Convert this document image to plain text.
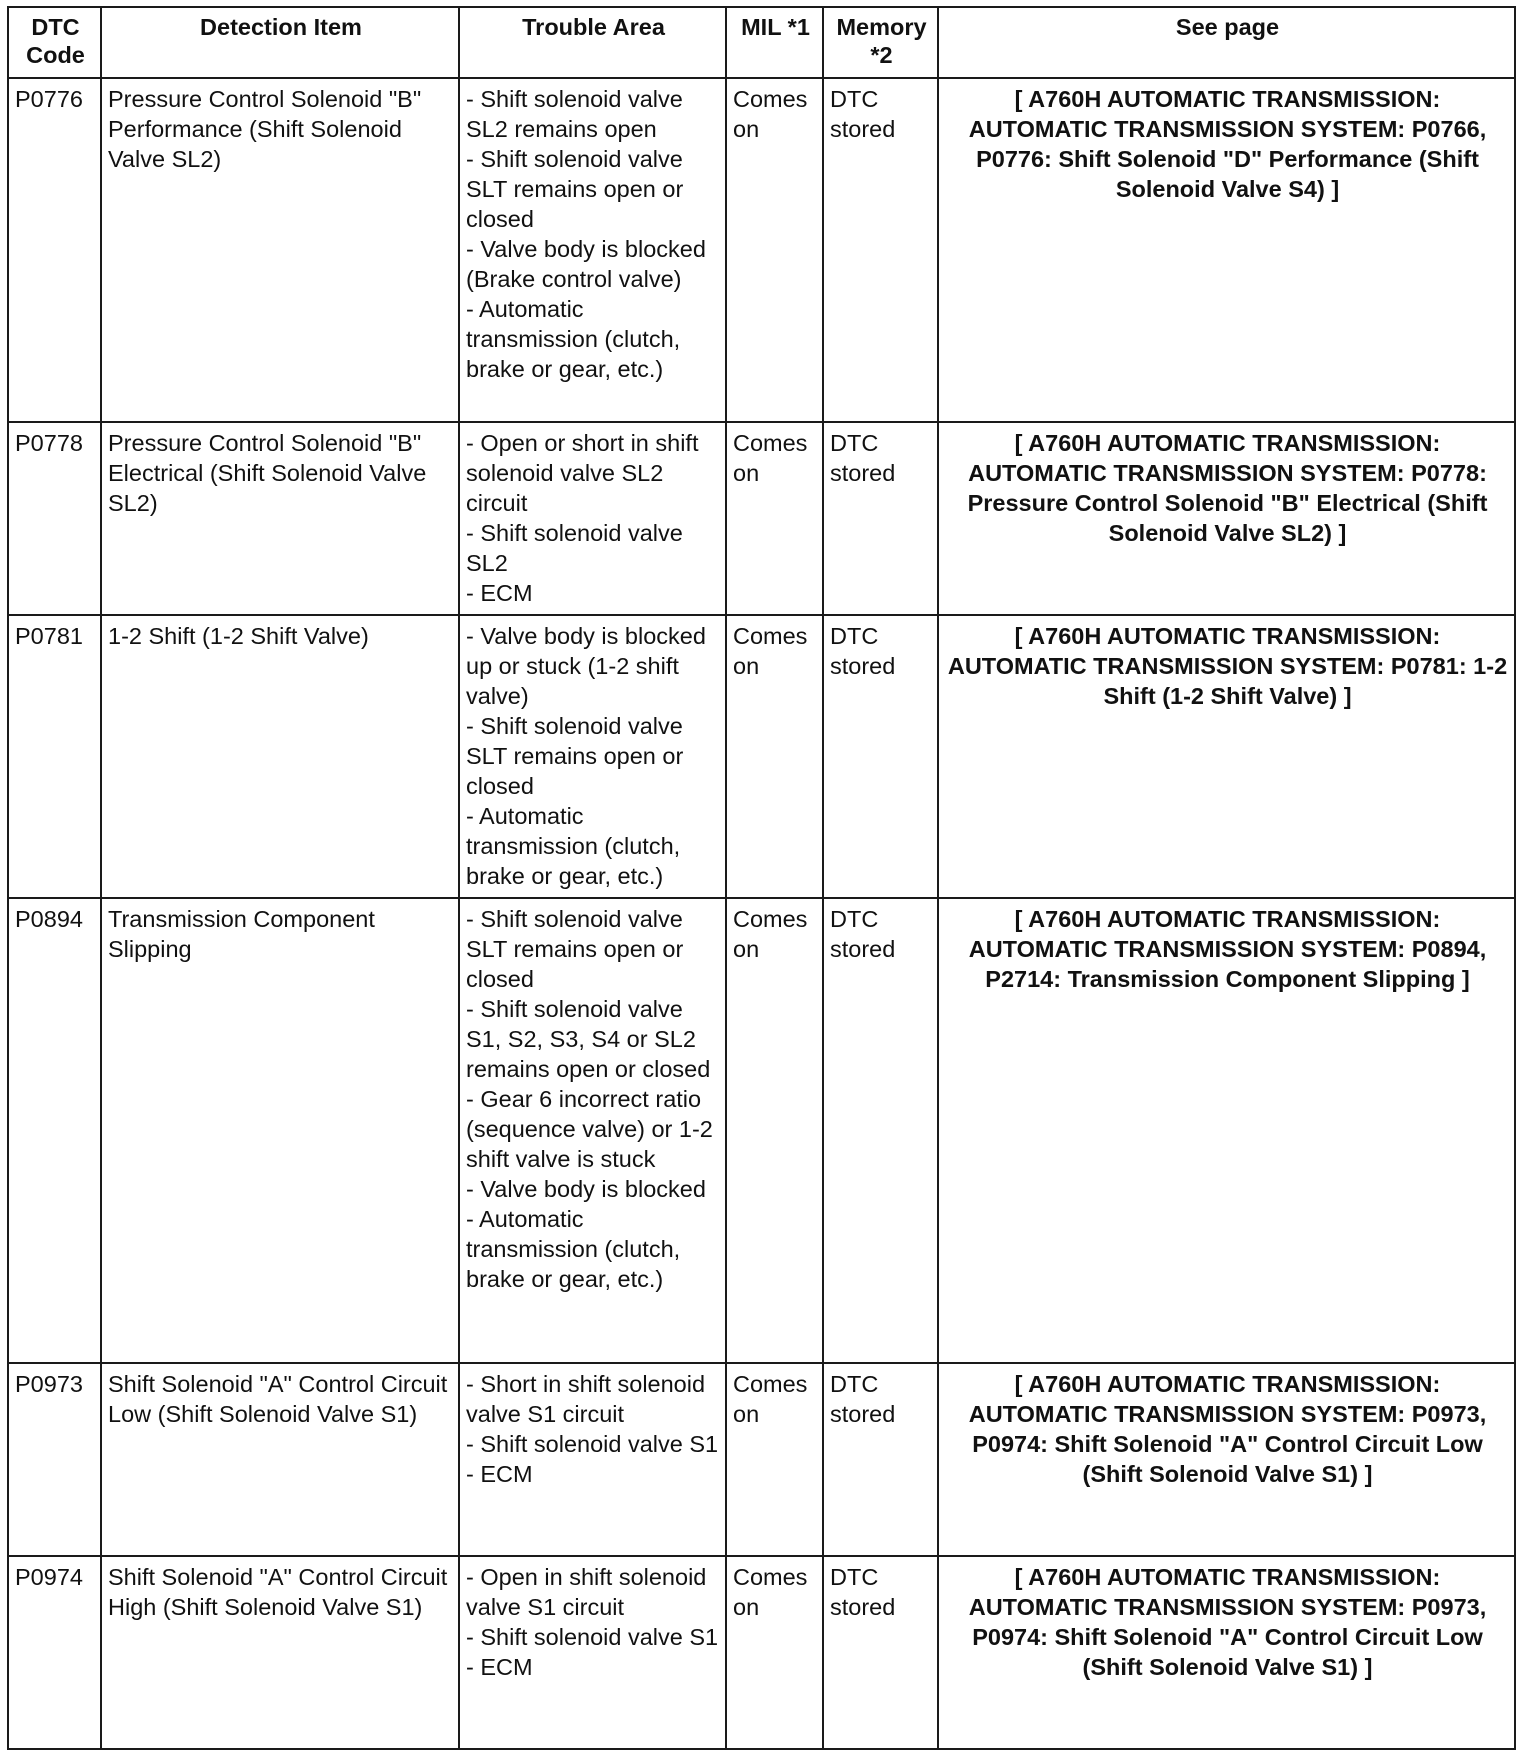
DTC Code	Detection Item	Trouble Area	MIL *1	Memory *2	See page
P0776	Pressure Control Solenoid "B" Performance (Shift Solenoid Valve SL2)	- Shift solenoid valve SL2 remains open
- Shift solenoid valve SLT remains open or closed
- Valve body is blocked (Brake control valve)
- Automatic transmission (clutch, brake or gear, etc.)	Comes on	DTC stored	[ A760H AUTOMATIC TRANSMISSION: AUTOMATIC TRANSMISSION SYSTEM: P0766, P0776: Shift Solenoid "D" Performance (Shift Solenoid Valve S4) ]
P0778	Pressure Control Solenoid "B" Electrical (Shift Solenoid Valve SL2)	- Open or short in shift solenoid valve SL2 circuit
- Shift solenoid valve SL2
- ECM	Comes on	DTC stored	[ A760H AUTOMATIC TRANSMISSION: AUTOMATIC TRANSMISSION SYSTEM: P0778: Pressure Control Solenoid "B" Electrical (Shift Solenoid Valve SL2) ]
P0781	1-2 Shift (1-2 Shift Valve)	- Valve body is blocked up or stuck (1-2 shift valve)
- Shift solenoid valve SLT remains open or closed
- Automatic transmission (clutch, brake or gear, etc.)	Comes on	DTC stored	[ A760H AUTOMATIC TRANSMISSION: AUTOMATIC TRANSMISSION SYSTEM: P0781: 1-2 Shift (1-2 Shift Valve) ]
P0894	Transmission Component Slipping	- Shift solenoid valve SLT remains open or closed
- Shift solenoid valve S1, S2, S3, S4 or SL2 remains open or closed
- Gear 6 incorrect ratio (sequence valve) or 1-2 shift valve is stuck
- Valve body is blocked
- Automatic transmission (clutch, brake or gear, etc.)	Comes on	DTC stored	[ A760H AUTOMATIC TRANSMISSION: AUTOMATIC TRANSMISSION SYSTEM: P0894, P2714: Transmission Component Slipping ]
P0973	Shift Solenoid "A" Control Circuit Low (Shift Solenoid Valve S1)	- Short in shift solenoid valve S1 circuit
- Shift solenoid valve S1
- ECM	Comes on	DTC stored	[ A760H AUTOMATIC TRANSMISSION: AUTOMATIC TRANSMISSION SYSTEM: P0973, P0974: Shift Solenoid "A" Control Circuit Low (Shift Solenoid Valve S1) ]
P0974	Shift Solenoid "A" Control Circuit High (Shift Solenoid Valve S1)	- Open in shift solenoid valve S1 circuit
- Shift solenoid valve S1
- ECM	Comes on	DTC stored	[ A760H AUTOMATIC TRANSMISSION: AUTOMATIC TRANSMISSION SYSTEM: P0973, P0974: Shift Solenoid "A" Control Circuit Low (Shift Solenoid Valve S1) ]
